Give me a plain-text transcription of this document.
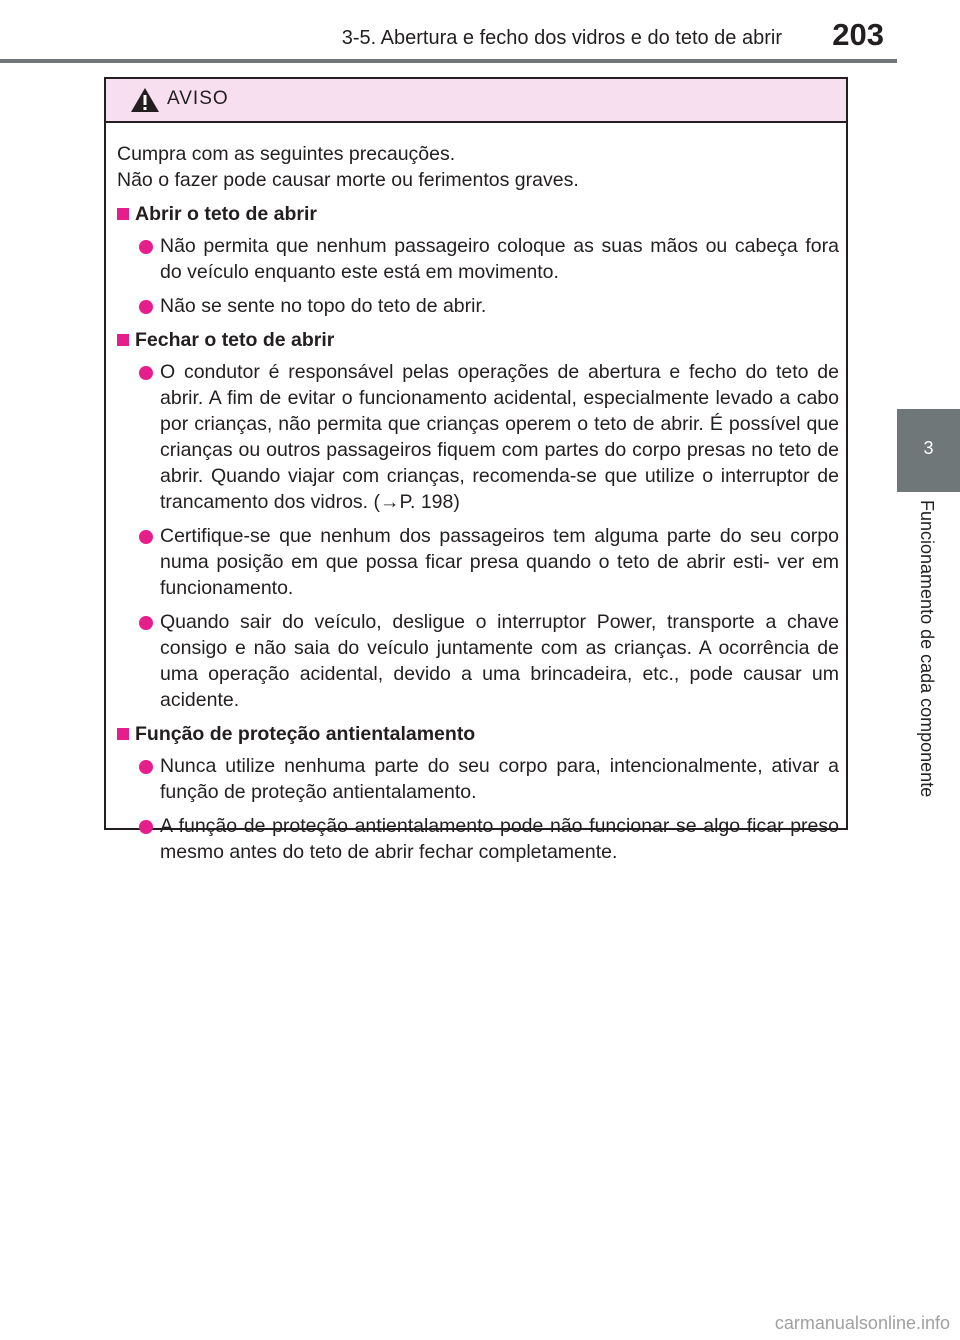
3-5. Abertura e fecho dos vidros e do teto de abrir 203
3
Funcionamento de cada componente
AVISO

Cumpra com as seguintes precauções.

Não o fazer pode causar morte ou ferimentos graves.

Abrir o teto de abrir

Não permita que nenhum passageiro coloque as suas mãos ou cabeça fora do veículo enquanto este está em movimento.

Não se sente no topo do teto de abrir.

Fechar o teto de abrir

O condutor é responsável pelas operações de abertura e fecho do teto de abrir. A fim de evitar o funcionamento acidental, especialmente levado a cabo por crianças, não permita que crianças operem o teto de abrir. É possível que crianças ou outros passageiros fiquem com partes do corpo presas no teto de abrir. Quando viajar com crianças, recomenda-se que utilize o interruptor de trancamento dos vidros. (→P. 198)

Certifique-se que nenhum dos passageiros tem alguma parte do seu corpo numa posição em que possa ficar presa quando o teto de abrir esti- ver em funcionamento.

Quando sair do veículo, desligue o interruptor Power, transporte a chave consigo e não saia do veículo juntamente com as crianças. A ocorrência de uma operação acidental, devido a uma brincadeira, etc., pode causar um acidente.

Função de proteção antientalamento

Nunca utilize nenhuma parte do seu corpo para, intencionalmente, ativar a função de proteção antientalamento.

A função de proteção antientalamento pode não funcionar se algo ficar preso mesmo antes do teto de abrir fechar completamente.

carmanualsonline.info
